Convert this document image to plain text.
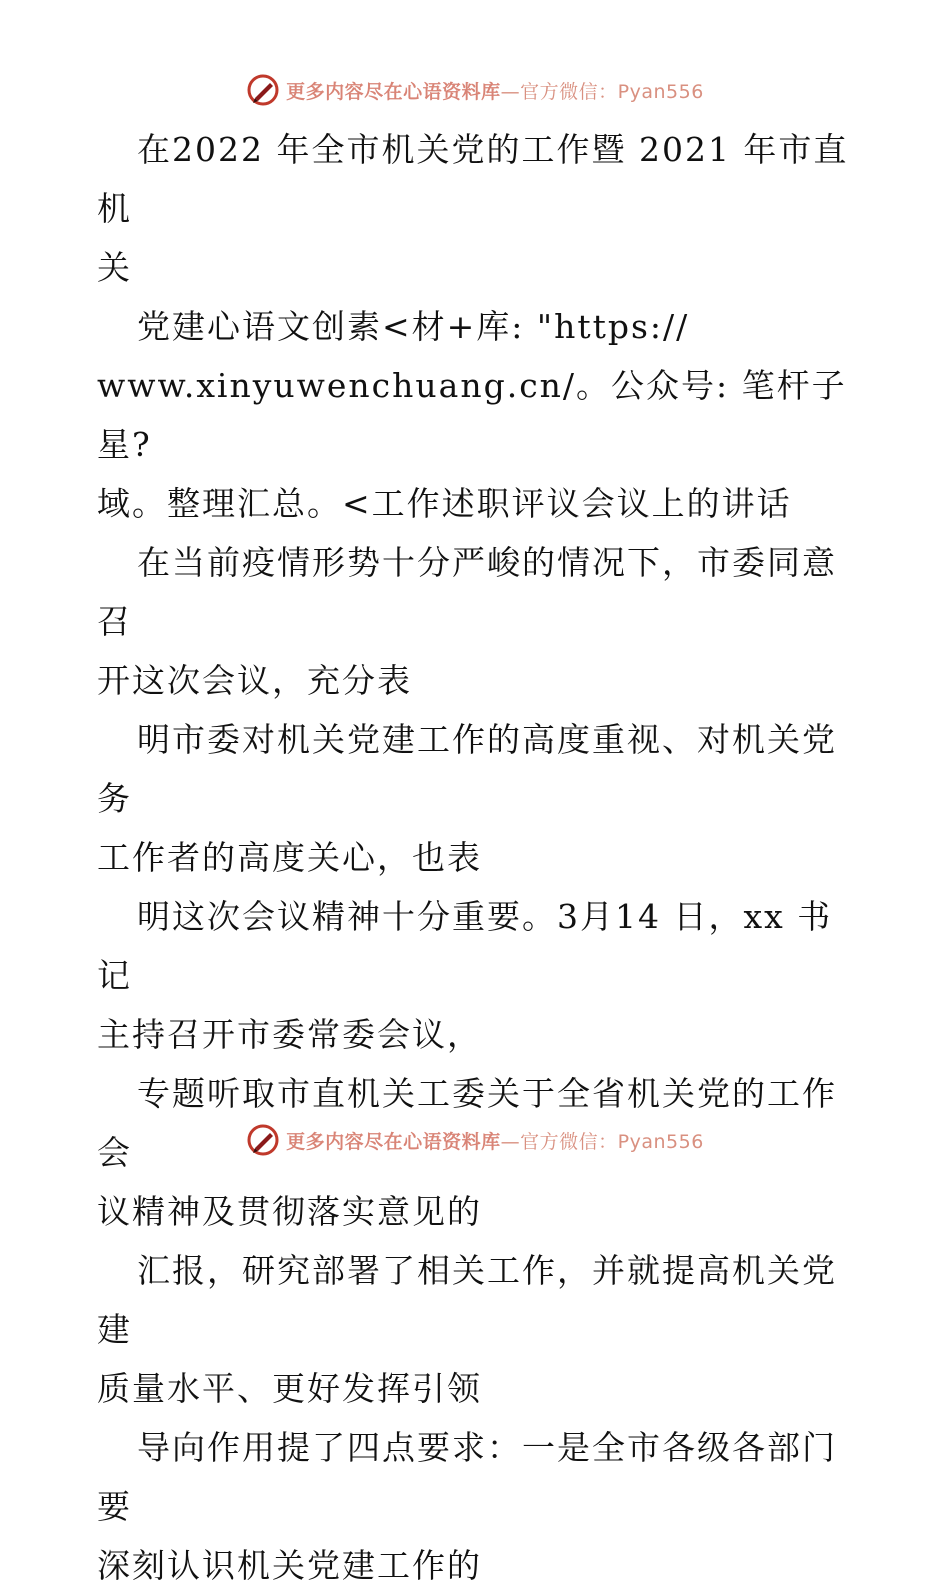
更多内容尽在心语资料库—官方微信：Pyan556

在2022 年全市机关党的工作暨 2021 年市直机
关

党建心语文创素<材+库: "https://
www.xinyuwenchuang.cn/。公众号: 笔杆子星?
域。整理汇总。<工作述职评议会议上的讲话

在当前疫情形势十分严峻的情况下，市委同意召
开这次会议，充分表

明市委对机关党建工作的高度重视、对机关党务
工作者的高度关心，也表

明这次会议精神十分重要。3月14 日，xx 书记
主持召开市委常委会议，

专题听取市直机关工委关于全省机关党的工作会
议精神及贯彻落实意见的

汇报，研究部署了相关工作，并就提高机关党建
质量水平、更好发挥引领

导向作用提了四点要求：一是全市各级各部门要
深刻认识机关党建工作的

更多内容尽在心语资料库—官方微信：Pyan556
